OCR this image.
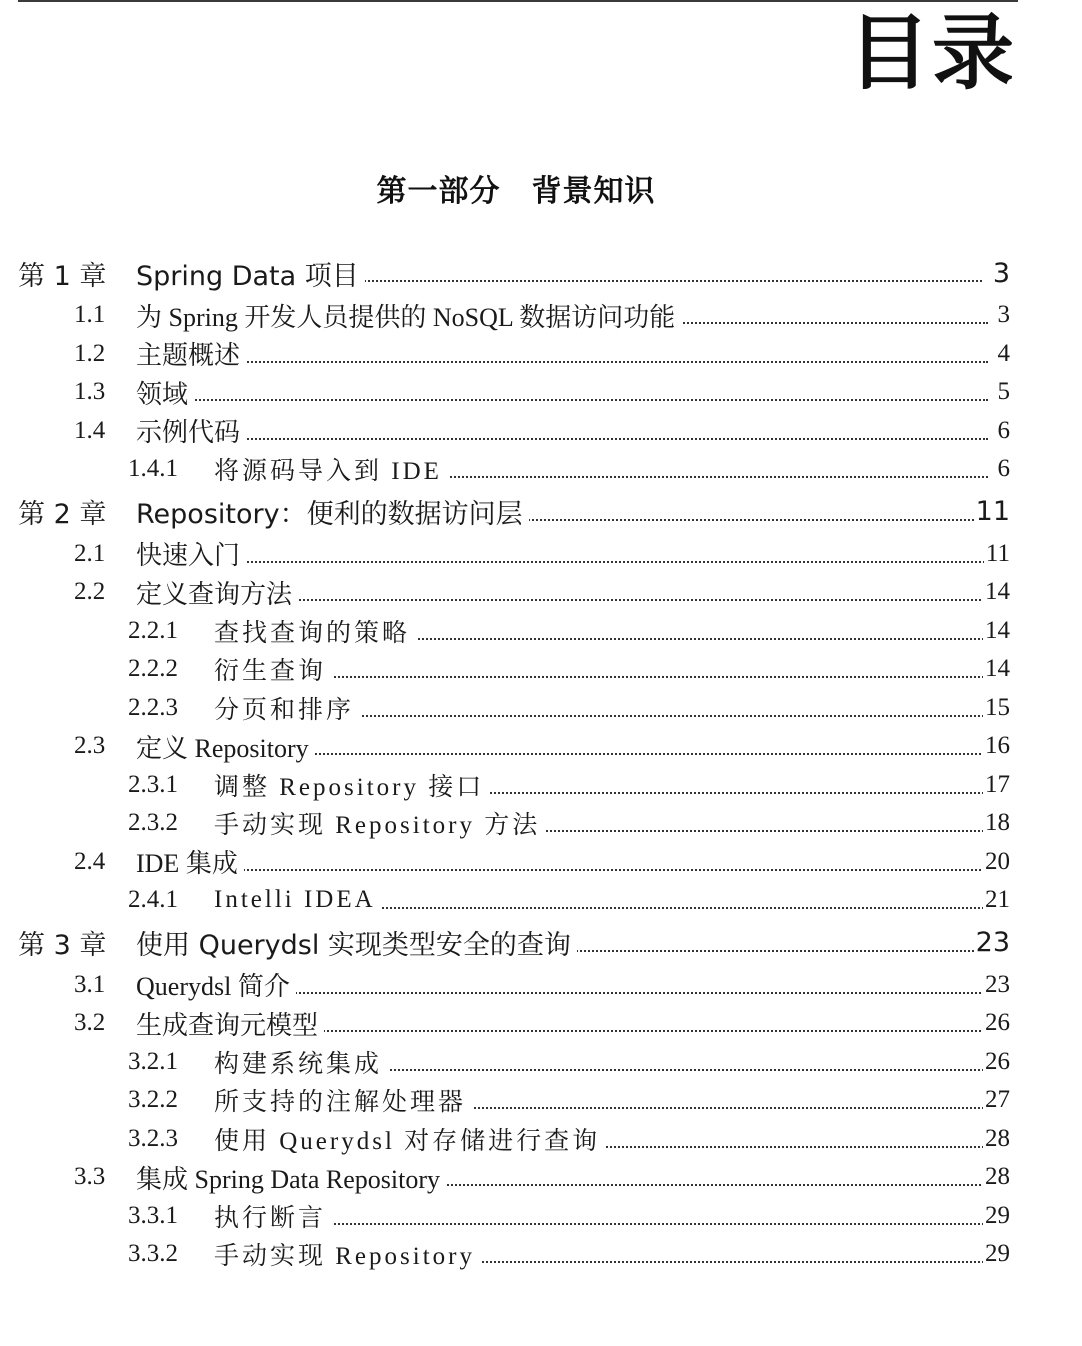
目录
第一部分　背景知识
第 1 章 Spring Data 项目	3
1.1 为 Spring 开发人员提供的 NoSQL 数据访问功能	3
1.2 主题概述	4
1.3 领域	5
1.4 示例代码	6
1.4.1 将源码导入到 IDE	6
第 2 章 Repository：便利的数据访问层	11
2.1 快速入门	11
2.2 定义查询方法	14
2.2.1 查找查询的策略	14
2.2.2 衍生查询	14
2.2.3 分页和排序	15
2.3 定义 Repository	16
2.3.1 调整 Repository 接口	17
2.3.2 手动实现 Repository 方法	18
2.4 IDE 集成	20
2.4.1 Intelli IDEA	21
第 3 章 使用 Querydsl 实现类型安全的查询	23
3.1 Querydsl 简介	23
3.2 生成查询元模型	26
3.2.1 构建系统集成	26
3.2.2 所支持的注解处理器	27
3.2.3 使用 Querydsl 对存储进行查询	28
3.3 集成 Spring Data Repository	28
3.3.1 执行断言	29
3.3.2 手动实现 Repository	29
